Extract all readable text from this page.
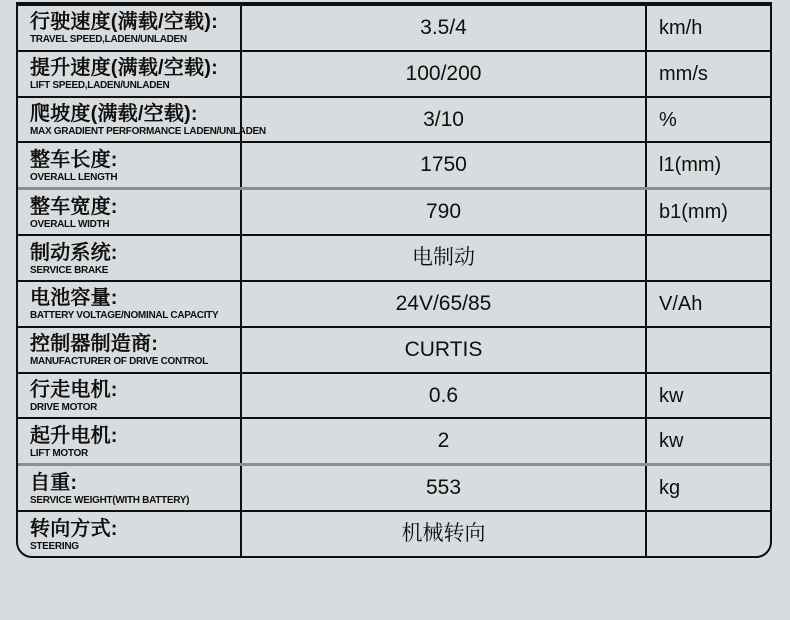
行驶速度(满载/空载):
TRAVEL SPEED,LADEN/UNLADEN
3.5/4	km/h
提升速度(满载/空载):
LIFT SPEED,LADEN/UNLADEN
100/200	mm/s
爬坡度(满载/空载):
MAX GRADIENT PERFORMANCE LADEN/UNLADEN
3/10	%
整车长度:
OVERALL LENGTH
1750	l1(mm)
整车宽度:
OVERALL WIDTH
790	b1(mm)
制动系统:
SERVICE BRAKE
电制动
电池容量:
BATTERY VOLTAGE/NOMINAL CAPACITY
24V/65/85	V/Ah
控制器制造商:
MANUFACTURER OF DRIVE CONTROL
CURTIS
行走电机:
DRIVE MOTOR
0.6	kw
起升电机:
LIFT MOTOR
2	kw
自重:
SERVICE WEIGHT(WITH BATTERY)
553	kg
转向方式:
STEERING
机械转向
